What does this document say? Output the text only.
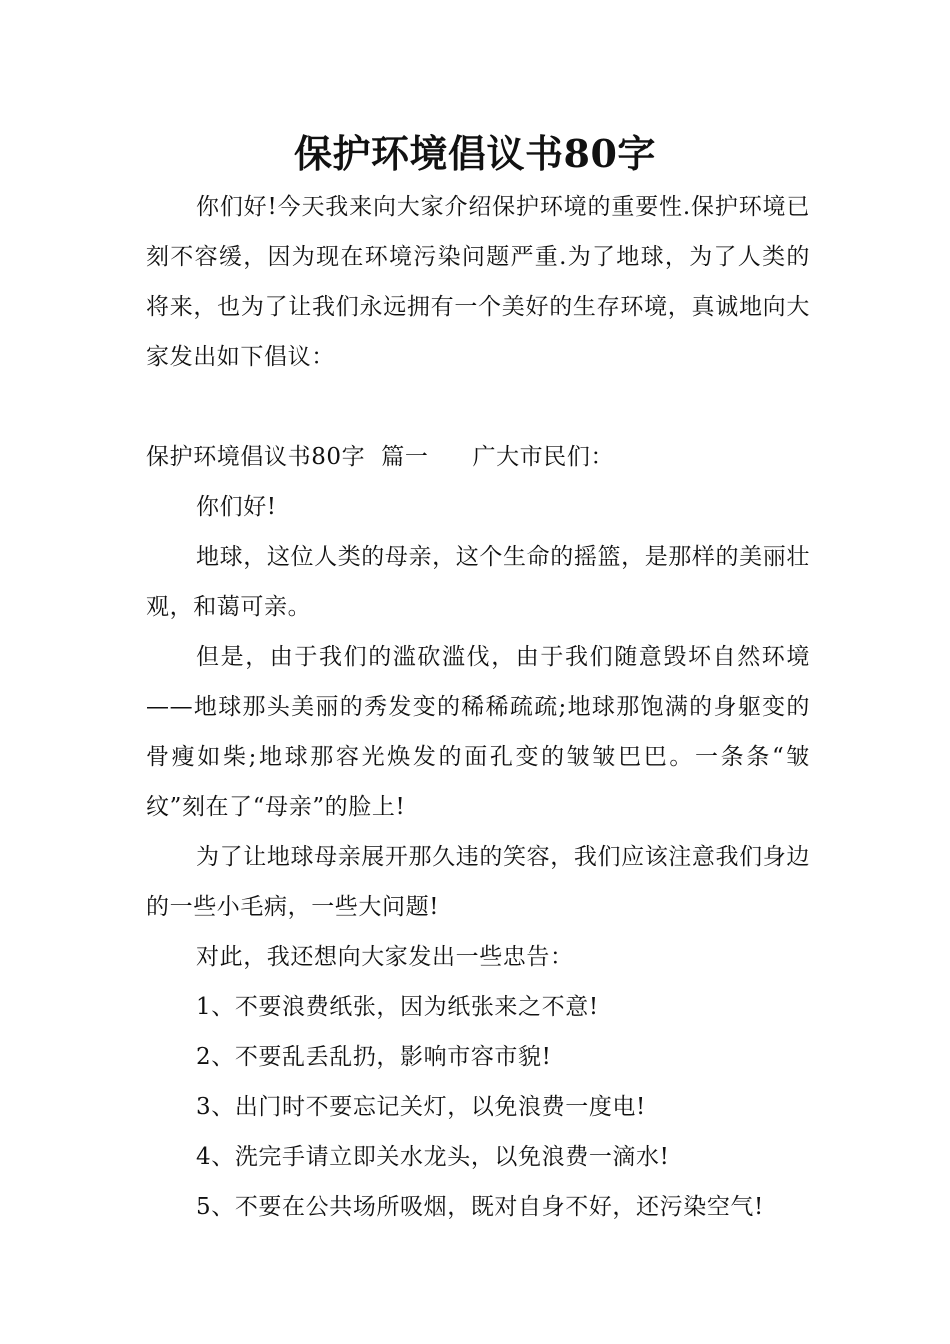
保护环境倡议书80字

你们好!今天我来向大家介绍保护环境的重要性.保护环境已刻不容缓，因为现在环境污染问题严重.为了地球，为了人类的将来，也为了让我们永远拥有一个美好的生存环境，真诚地向大家发出如下倡议：

保护环境倡议书80字 篇一 广大市民们：

你们好!

地球，这位人类的母亲，这个生命的摇篮，是那样的美丽壮观，和蔼可亲。

但是，由于我们的滥砍滥伐，由于我们随意毁坏自然环境——地球那头美丽的秀发变的稀稀疏疏;地球那饱满的身躯变的骨瘦如柴;地球那容光焕发的面孔变的皱皱巴巴。一条条“皱纹”刻在了“母亲”的脸上!

为了让地球母亲展开那久违的笑容，我们应该注意我们身边的一些小毛病，一些大问题!

对此，我还想向大家发出一些忠告：

1、不要浪费纸张，因为纸张来之不意!

2、不要乱丢乱扔，影响市容市貌!

3、出门时不要忘记关灯，以免浪费一度电!

4、洗完手请立即关水龙头，以免浪费一滴水!

5、不要在公共场所吸烟，既对自身不好，还污染空气!
